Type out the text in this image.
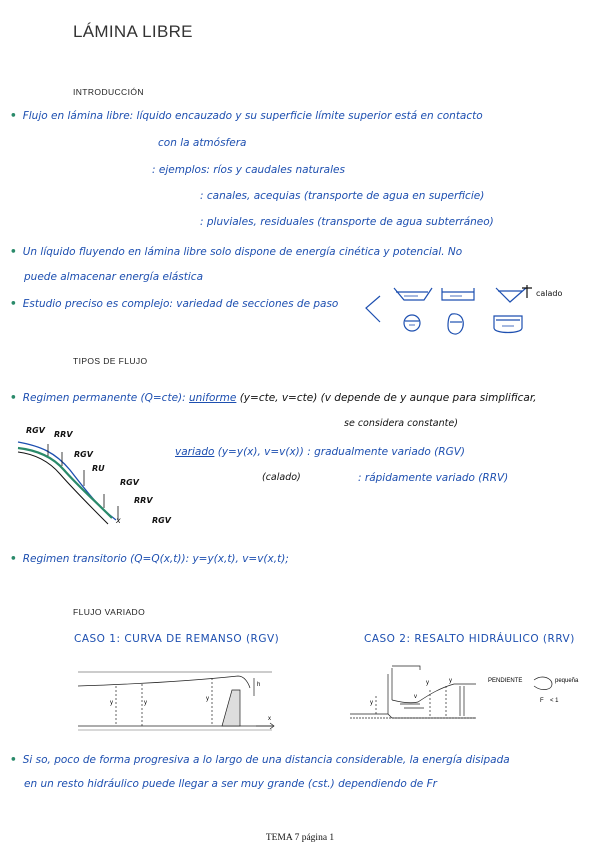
LÁMINA LIBRE
INTRODUCCIÓN
• Flujo en lámina libre: líquido encauzado y su superficie límite superior está en contacto
con la atmósfera
: ejemplos: ríos y caudales naturales
: canales, acequias (transporte de agua en superficie)
: pluviales, residuales (transporte de agua subterráneo)
• Un líquido fluyendo en lámina libre solo dispone de energía cinética y potencial. No
puede almacenar energía elástica
• Estudio preciso es complejo: variedad de secciones de paso
calado
TIPOS DE FLUJO
• Regimen permanente (Q=cte): uniforme (y=cte, v=cte) (v depende de y aunque para simplificar,
se considera constante)
variado (y=y(x), v=v(x)) : gradualmente variado (RGV)
(calado)	: rápidamente variado (RRV)
RGV RRV
RGV
RU
RGV
RRV
RGV
x
• Regimen transitorio (Q=Q(x,t)): y=y(x,t), v=v(x,t);
FLUJO VARIADO
CASO 1: CURVA DE REMANSO (RGV)	CASO 2: RESALTO HIDRÁULICO (RRV)
y	y
y
h
x
y
y	y
v
PENDIENTE	pequeña
F < 1
• Si so, poco de forma progresiva a lo largo de una distancia considerable, la energía disipada
en un resto hidráulico puede llegar a ser muy grande (cst.) dependiendo de Fr
TEMA 7 página 1
